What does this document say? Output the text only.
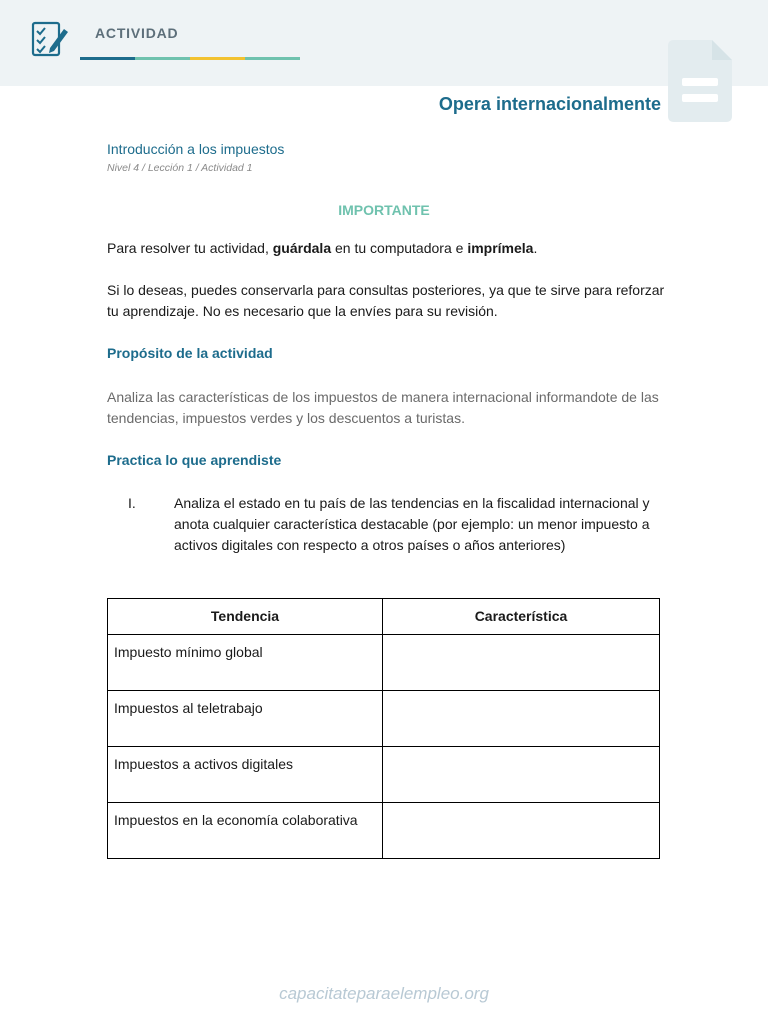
ACTIVIDAD
Opera internacionalmente
Introducción a los impuestos
Nivel 4 / Lección 1 / Actividad 1
IMPORTANTE
Para resolver tu actividad, guárdala en tu computadora e imprímela.
Si lo deseas, puedes conservarla para consultas posteriores, ya que te sirve para reforzar tu aprendizaje. No es necesario que la envíes para su revisión.
Propósito de la actividad
Analiza las características de los impuestos de manera internacional informandote de las tendencias, impuestos verdes y los descuentos a turistas.
Practica lo que aprendiste
I.	Analiza el estado en tu país de las tendencias en la fiscalidad internacional y anota cualquier característica destacable (por ejemplo: un menor impuesto a activos digitales con respecto a otros países o años anteriores)
Tendencia	Característica
Impuesto mínimo global	
Impuestos al teletrabajo	
Impuestos a activos digitales	
Impuestos en la economía colaborativa	
capacitateparaelempleo.org
